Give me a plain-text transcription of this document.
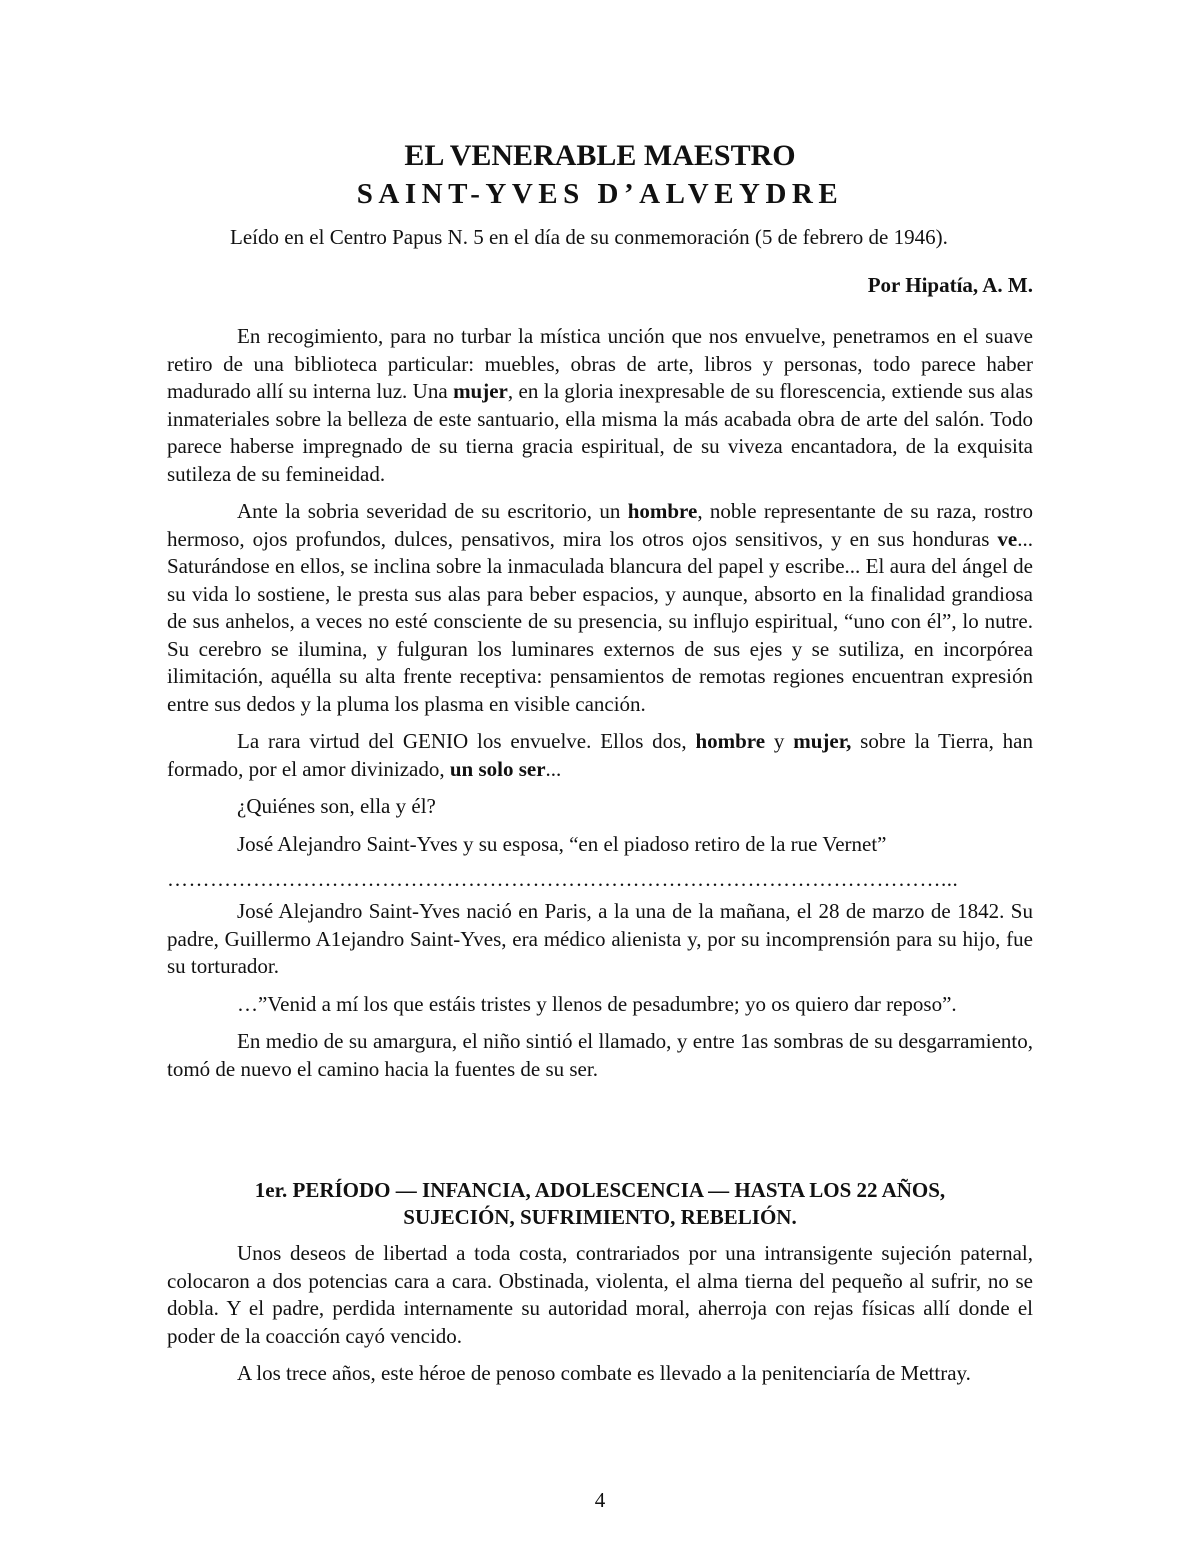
EL VENERABLE MAESTRO
SAINT-YVES D’ALVEYDRE

Leído en el Centro Papus N. 5 en el día de su conmemoración (5 de febrero de 1946).

Por Hipatía, A. M.

En recogimiento, para no turbar la mística unción que nos envuelve, penetramos en el suave retiro de una biblioteca particular: muebles, obras de arte, libros y personas, todo parece haber madurado allí su interna luz. Una mujer, en la gloria inexpresable de su florescencia, extiende sus alas inmateriales sobre la belleza de este santuario, ella misma la más acabada obra de arte del salón. Todo parece haberse impregnado de su tierna gracia espiritual, de su viveza encantadora, de la exquisita sutileza de su femineidad.

Ante la sobria severidad de su escritorio, un hombre, noble representante de su raza, rostro hermoso, ojos profundos, dulces, pensativos, mira los otros ojos sensitivos, y en sus honduras ve... Saturándose en ellos, se inclina sobre la inmaculada blancura del papel y escribe... El aura del ángel de su vida lo sostiene, le presta sus alas para beber espacios, y aunque, absorto en la finalidad grandiosa de sus anhelos, a veces no esté consciente de su presencia, su influjo espiritual, “uno con él”, lo nutre. Su cerebro se ilumina, y fulguran los luminares externos de sus ejes y se sutiliza, en incorpórea ilimitación, aquélla su alta frente receptiva: pensamientos de remotas regiones encuentran expresión entre sus dedos y la pluma los plasma en visible canción.

La rara virtud del GENIO los envuelve. Ellos dos, hombre y mujer, sobre la Tierra, han formado, por el amor divinizado, un solo ser...

¿Quiénes son, ella y él?

José Alejandro Saint-Yves y su esposa, “en el piadoso retiro de la rue Vernet”

………………………………………………………………………………………………...

José Alejandro Saint-Yves nació en Paris, a la una de la mañana, el 28 de marzo de 1842. Su padre, Guillermo A1ejandro Saint-Yves, era médico alienista y, por su incomprensión para su hijo, fue su torturador.

…”Venid a mí los que estáis tristes y llenos de pesadumbre; yo os quiero dar reposo”.

En medio de su amargura, el niño sintió el llamado, y entre 1as sombras de su desgarramiento, tomó de nuevo el camino hacia la fuentes de su ser.

1er. PERÍODO — INFANCIA, ADOLESCENCIA — HASTA LOS 22 AÑOS,
SUJECIÓN, SUFRIMIENTO, REBELIÓN.

Unos deseos de libertad a toda costa, contrariados por una intransigente sujeción paternal, colocaron a dos potencias cara a cara. Obstinada, violenta, el alma tierna del pequeño al sufrir, no se dobla. Y el padre, perdida internamente su autoridad moral, aherroja con rejas físicas allí donde el poder de la coacción cayó vencido.

A los trece años, este héroe de penoso combate es llevado a la penitenciaría de Mettray.

4
